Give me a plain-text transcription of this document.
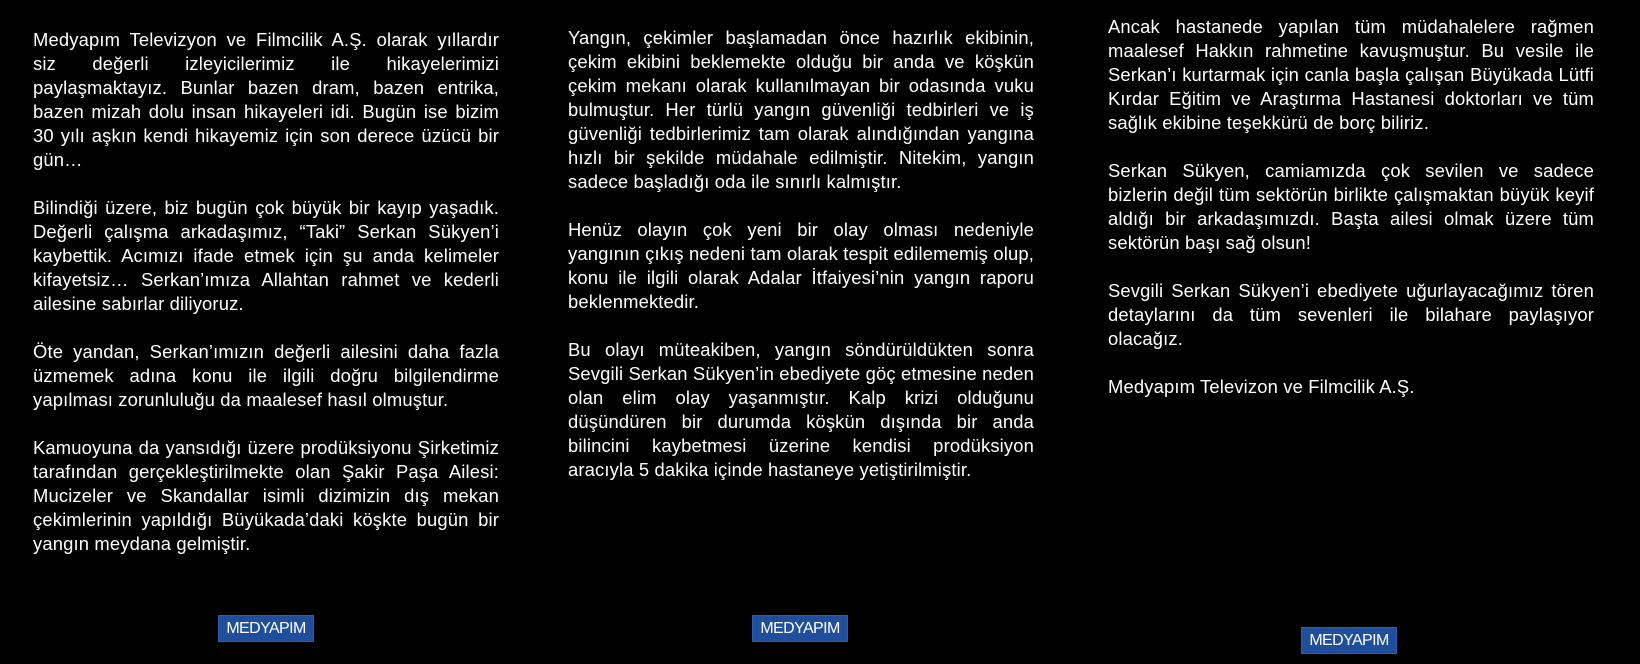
Medyapım Televizyon ve Filmcilik A.Ş. olarak yıllardır siz değerli izleyicilerimiz ile hikayelerimizi paylaşmaktayız. Bunlar bazen dram, bazen entrika, bazen mizah dolu insan hikayeleri idi. Bugün ise bizim 30 yılı aşkın kendi hikayemiz için son derece üzücü bir gün…

Bilindiği üzere, biz bugün çok büyük bir kayıp yaşadık. Değerli çalışma arkadaşımız, “Taki” Serkan Sükyen’i kaybettik. Acımızı ifade etmek için şu anda kelimeler kifayetsiz… Serkan’ımıza Allahtan rahmet ve kederli ailesine sabırlar diliyoruz.

Öte yandan, Serkan’ımızın değerli ailesini daha fazla üzmemek adına konu ile ilgili doğru bilgilendirme yapılması zorunluluğu da maalesef hasıl olmuştur.

Kamuoyuna da yansıdığı üzere prodüksiyonu Şirketimiz tarafından gerçekleştirilmekte olan Şakir Paşa Ailesi: Mucizeler ve Skandallar isimli dizimizin dış mekan çekimlerinin yapıldığı Büyükada’daki köşkte bugün bir yangın meydana gelmiştir.

MEDYAPIM

Yangın, çekimler başlamadan önce hazırlık ekibinin, çekim ekibini beklemekte olduğu bir anda ve köşkün çekim mekanı olarak kullanılmayan bir odasında vuku bulmuştur. Her türlü yangın güvenliği tedbirleri ve iş güvenliği tedbirlerimiz tam olarak alındığından yangına hızlı bir şekilde müdahale edilmiştir. Nitekim, yangın sadece başladığı oda ile sınırlı kalmıştır.

Henüz olayın çok yeni bir olay olması nedeniyle yangının çıkış nedeni tam olarak tespit edilememiş olup, konu ile ilgili olarak Adalar İtfaiyesi’nin yangın raporu beklenmektedir.

Bu olayı müteakiben, yangın söndürüldükten sonra Sevgili Serkan Sükyen’in ebediyete göç etmesine neden olan elim olay yaşanmıştır. Kalp krizi olduğunu düşündüren bir durumda köşkün dışında bir anda bilincini kaybetmesi üzerine kendisi prodüksiyon aracıyla 5 dakika içinde hastaneye yetiştirilmiştir.

MEDYAPIM

Ancak hastanede yapılan tüm müdahalelere rağmen maalesef Hakkın rahmetine kavuşmuştur. Bu vesile ile Serkan’ı kurtarmak için canla başla çalışan Büyükada Lütfi Kırdar Eğitim ve Araştırma Hastanesi doktorları ve tüm sağlık ekibine teşekkürü de borç biliriz.

Serkan Sükyen, camiamızda çok sevilen ve sadece bizlerin değil tüm sektörün birlikte çalışmaktan büyük keyif aldığı bir arkadaşımızdı. Başta ailesi olmak üzere tüm sektörün başı sağ olsun!

Sevgili Serkan Sükyen’i ebediyete uğurlayacağımız tören detaylarını da tüm sevenleri ile bilahare paylaşıyor olacağız.

Medyapım Televizon ve Filmcilik A.Ş.

MEDYAPIM
